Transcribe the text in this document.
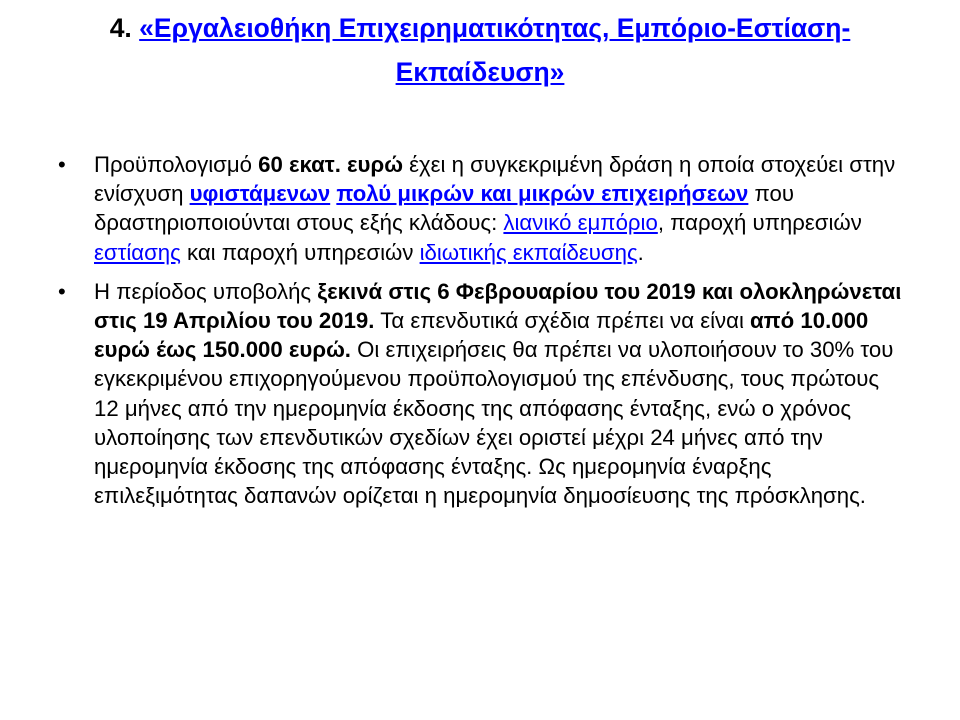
4. «Εργαλειοθήκη Επιχειρηματικότητας, Εμπόριο-Εστίαση-Εκπαίδευση»
•	Προϋπολογισμό 60 εκατ. ευρώ έχει η συγκεκριμένη δράση η οποία στοχεύει στην ενίσχυση υφιστάμενων πολύ μικρών και μικρών επιχειρήσεων που δραστηριοποιούνται στους εξής κλάδους: λιανικό εμπόριο, παροχή υπηρεσιών εστίασης και παροχή υπηρεσιών ιδιωτικής εκπαίδευσης.
•	Η περίοδος υποβολής ξεκινά στις 6 Φεβρουαρίου του 2019 και ολοκληρώνεται στις 19 Απριλίου του 2019. Τα επενδυτικά σχέδια πρέπει να είναι από 10.000 ευρώ έως 150.000 ευρώ. Οι επιχειρήσεις θα πρέπει να υλοποιήσουν το 30% του εγκεκριμένου επιχορηγούμενου προϋπολογισμού της επένδυσης, τους πρώτους 12 μήνες από την ημερομηνία έκδοσης της απόφασης ένταξης, ενώ ο χρόνος υλοποίησης των επενδυτικών σχεδίων έχει οριστεί μέχρι 24 μήνες από την ημερομηνία έκδοσης της απόφασης ένταξης. Ως ημερομηνία έναρξης επιλεξιμότητας δαπανών ορίζεται η ημερομηνία δημοσίευσης της πρόσκλησης.
